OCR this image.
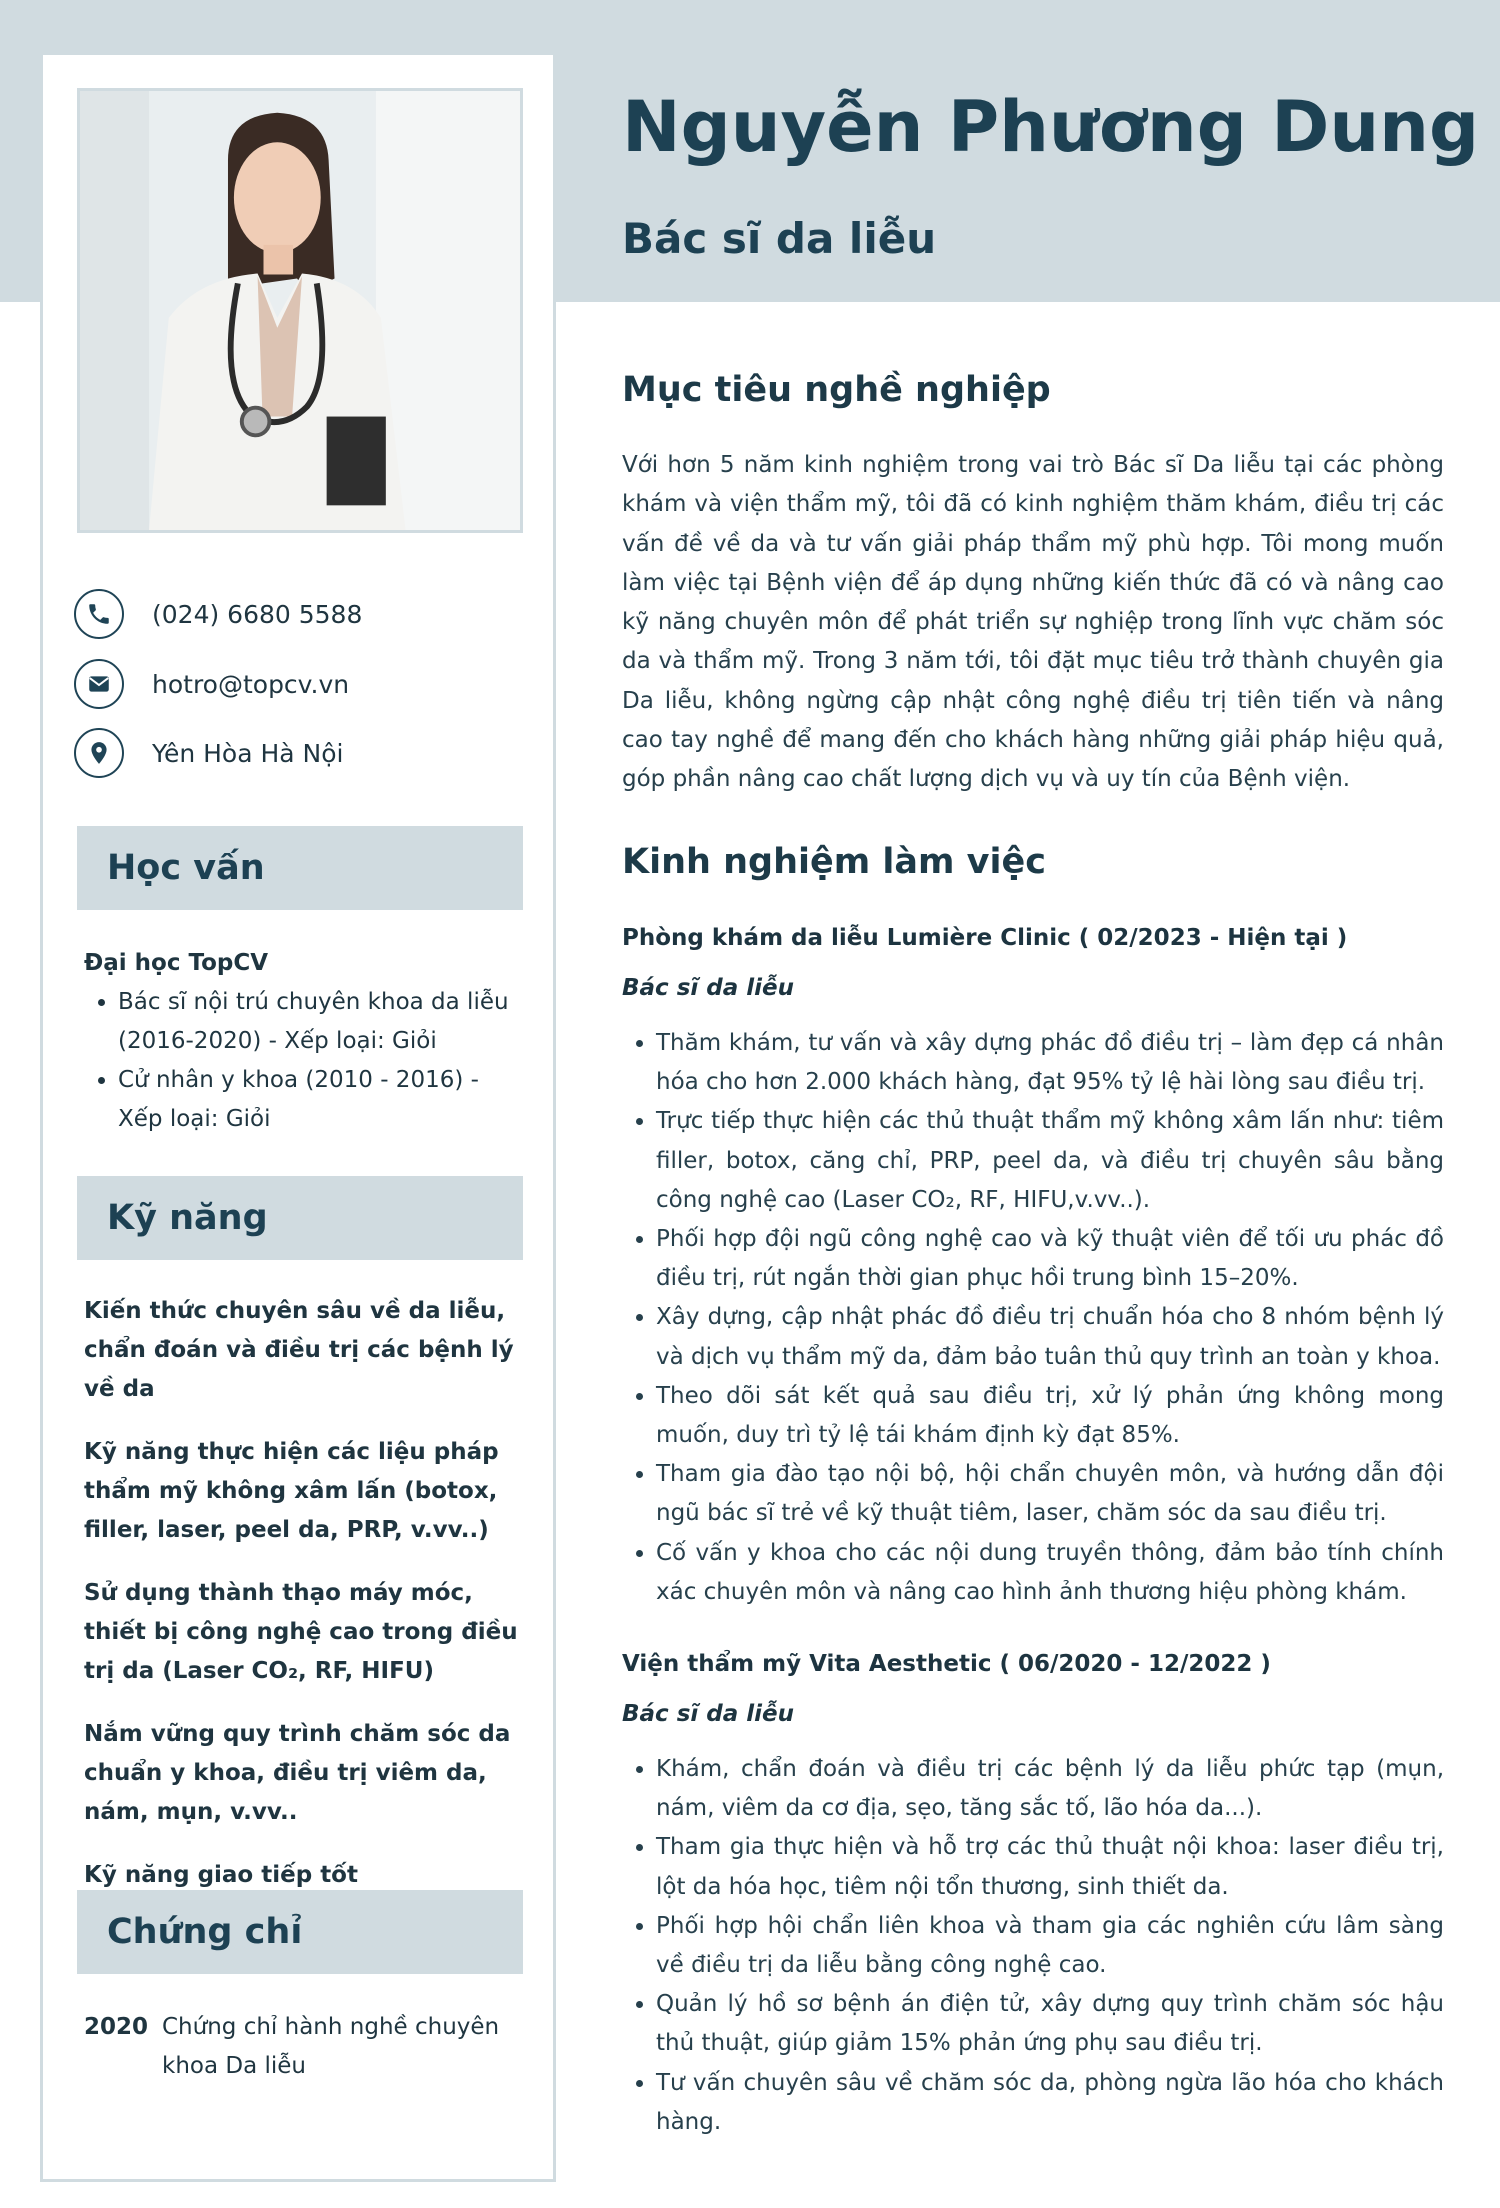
(024) 6680 5588
hotro@topcv.vn
Yên Hòa Hà Nội
Học vấn
Đại học TopCV
• Bác sĩ nội trú chuyên khoa da liễu (2016-2020) - Xếp loại: Giỏi
• Cử nhân y khoa (2010 - 2016) - Xếp loại: Giỏi
Kỹ năng

Kiến thức chuyên sâu về da liễu, chẩn đoán và điều trị các bệnh lý về da

Kỹ năng thực hiện các liệu pháp thẩm mỹ không xâm lấn (botox, filler, laser, peel da, PRP, v.vv..)

Sử dụng thành thạo máy móc, thiết bị công nghệ cao trong điều trị da (Laser CO₂, RF, HIFU)

Nắm vững quy trình chăm sóc da chuẩn y khoa, điều trị viêm da, nám, mụn, v.vv..

Kỹ năng giao tiếp tốt

Chứng chỉ
2020 Chứng chỉ hành nghề chuyên khoa Da liễu
Nguyễn Phương Dung
Bác sĩ da liễu
Mục tiêu nghề nghiệp
Với hơn 5 năm kinh nghiệm trong vai trò Bác sĩ Da liễu tại các phòng khám và viện thẩm mỹ, tôi đã có kinh nghiệm thăm khám, điều trị các vấn đề về da và tư vấn giải pháp thẩm mỹ phù hợp. Tôi mong muốn làm việc tại Bệnh viện để áp dụng những kiến thức đã có và nâng cao kỹ năng chuyên môn để phát triển sự nghiệp trong lĩnh vực chăm sóc da và thẩm mỹ. Trong 3 năm tới, tôi đặt mục tiêu trở thành chuyên gia Da liễu, không ngừng cập nhật công nghệ điều trị tiên tiến và nâng cao tay nghề để mang đến cho khách hàng những giải pháp hiệu quả, góp phần nâng cao chất lượng dịch vụ và uy tín của Bệnh viện.
Kinh nghiệm làm việc
Phòng khám da liễu Lumière Clinic ( 02/2023 - Hiện tại )
Bác sĩ da liễu
• Thăm khám, tư vấn và xây dựng phác đồ điều trị – làm đẹp cá nhân hóa cho hơn 2.000 khách hàng, đạt 95% tỷ lệ hài lòng sau điều trị.
• Trực tiếp thực hiện các thủ thuật thẩm mỹ không xâm lấn như: tiêm filler, botox, căng chỉ, PRP, peel da, và điều trị chuyên sâu bằng công nghệ cao (Laser CO₂, RF, HIFU,v.vv..).
• Phối hợp đội ngũ công nghệ cao và kỹ thuật viên để tối ưu phác đồ điều trị, rút ngắn thời gian phục hồi trung bình 15–20%.
• Xây dựng, cập nhật phác đồ điều trị chuẩn hóa cho 8 nhóm bệnh lý và dịch vụ thẩm mỹ da, đảm bảo tuân thủ quy trình an toàn y khoa.
• Theo dõi sát kết quả sau điều trị, xử lý phản ứng không mong muốn, duy trì tỷ lệ tái khám định kỳ đạt 85%.
• Tham gia đào tạo nội bộ, hội chẩn chuyên môn, và hướng dẫn đội ngũ bác sĩ trẻ về kỹ thuật tiêm, laser, chăm sóc da sau điều trị.
• Cố vấn y khoa cho các nội dung truyền thông, đảm bảo tính chính xác chuyên môn và nâng cao hình ảnh thương hiệu phòng khám.
Viện thẩm mỹ Vita Aesthetic ( 06/2020 - 12/2022 )
Bác sĩ da liễu
• Khám, chẩn đoán và điều trị các bệnh lý da liễu phức tạp (mụn, nám, viêm da cơ địa, sẹo, tăng sắc tố, lão hóa da...).
• Tham gia thực hiện và hỗ trợ các thủ thuật nội khoa: laser điều trị, lột da hóa học, tiêm nội tổn thương, sinh thiết da.
• Phối hợp hội chẩn liên khoa và tham gia các nghiên cứu lâm sàng về điều trị da liễu bằng công nghệ cao.
• Quản lý hồ sơ bệnh án điện tử, xây dựng quy trình chăm sóc hậu thủ thuật, giúp giảm 15% phản ứng phụ sau điều trị.
• Tư vấn chuyên sâu về chăm sóc da, phòng ngừa lão hóa cho khách hàng.
